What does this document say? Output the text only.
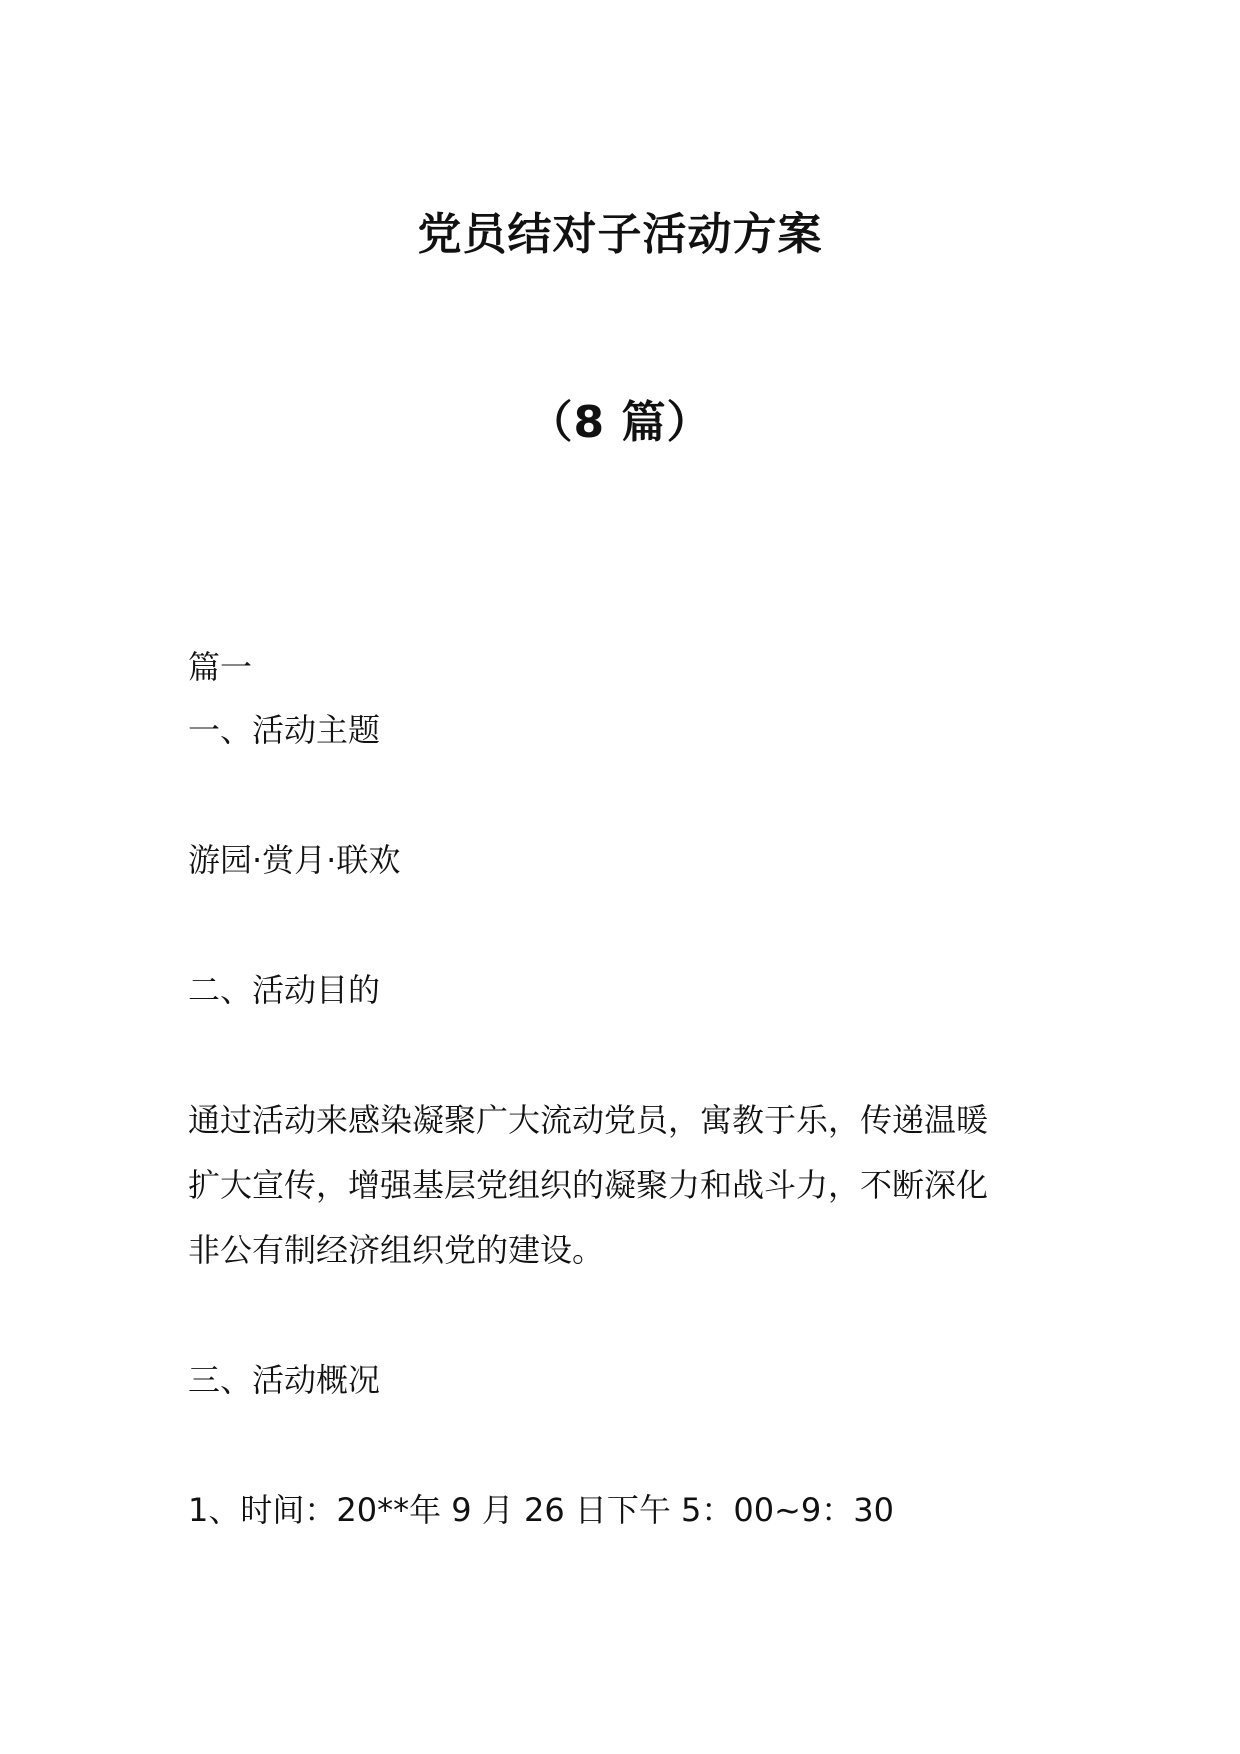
党员结对子活动方案
（8 篇）
篇一
一、活动主题
游园·赏月·联欢
二、活动目的
通过活动来感染凝聚广大流动党员，寓教于乐，传递温暖
扩大宣传，增强基层党组织的凝聚力和战斗力，不断深化
非公有制经济组织党的建设。
三、活动概况
1、时间：20**年 9 月 26 日下午 5：00~9：30
